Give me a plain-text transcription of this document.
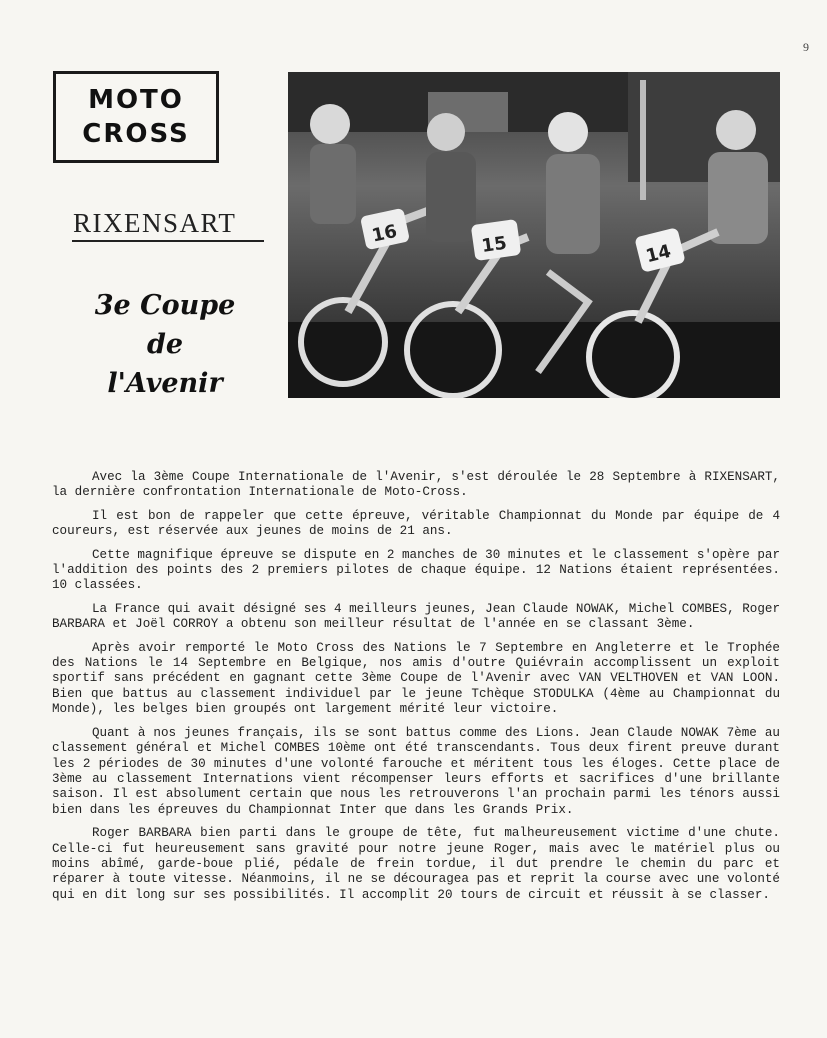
9
MOTO
CROSS
RIXENSART
3e Coupe
de
l'Avenir
16	15	14

Avec la 3ème Coupe Internationale de l'Avenir, s'est déroulée le 28 Septembre à RIXENSART, la dernière confrontation Internationale de Moto-Cross.

Il est bon de rappeler que cette épreuve, véritable Championnat du Monde par équipe de 4 coureurs, est réservée aux jeunes de moins de 21 ans.

Cette magnifique épreuve se dispute en 2 manches de 30 minutes et le classement s'opère par l'addition des points des 2 premiers pilotes de chaque équipe. 12 Nations étaient représentées. 10 classées.

La France qui avait désigné ses 4 meilleurs jeunes, Jean Claude NOWAK, Michel COMBES, Roger BARBARA et Joël CORROY a obtenu son meilleur résultat de l'année en se classant 3ème.

Après avoir remporté le Moto Cross des Nations le 7 Septembre en Angleterre et le Trophée des Nations le 14 Septembre en Belgique, nos amis d'outre Quiévrain accomplissent un exploit sportif sans précédent en gagnant cette 3ème Coupe de l'Avenir avec VAN VELTHOVEN et VAN LOON. Bien que battus au classement individuel par le jeune Tchèque STODULKA (4ème au Championnat du Monde), les belges bien groupés ont largement mérité leur victoire.

Quant à nos jeunes français, ils se sont battus comme des Lions. Jean Claude NOWAK 7ème au classement général et Michel COMBES 10ème ont été transcendants. Tous deux firent preuve durant les 2 périodes de 30 minutes d'une volonté farouche et méritent tous les éloges. Cette place de 3ème au classement Internations vient récompenser leurs efforts et sacrifices d'une brillante saison. Il est absolument certain que nous les retrouverons l'an prochain parmi les ténors aussi bien dans les épreuves du Championnat Inter que dans les Grands Prix.

Roger BARBARA bien parti dans le groupe de tête, fut malheureusement victime d'une chute. Celle-ci fut heureusement sans gravité pour notre jeune Roger, mais avec le matériel plus ou moins abîmé, garde-boue plié, pédale de frein tordue, il dut prendre le chemin du parc et réparer à toute vitesse. Néanmoins, il ne se découragea pas et reprit la course avec une volonté qui en dit long sur ses possibilités. Il accomplit 20 tours de circuit et réussit à se classer.
